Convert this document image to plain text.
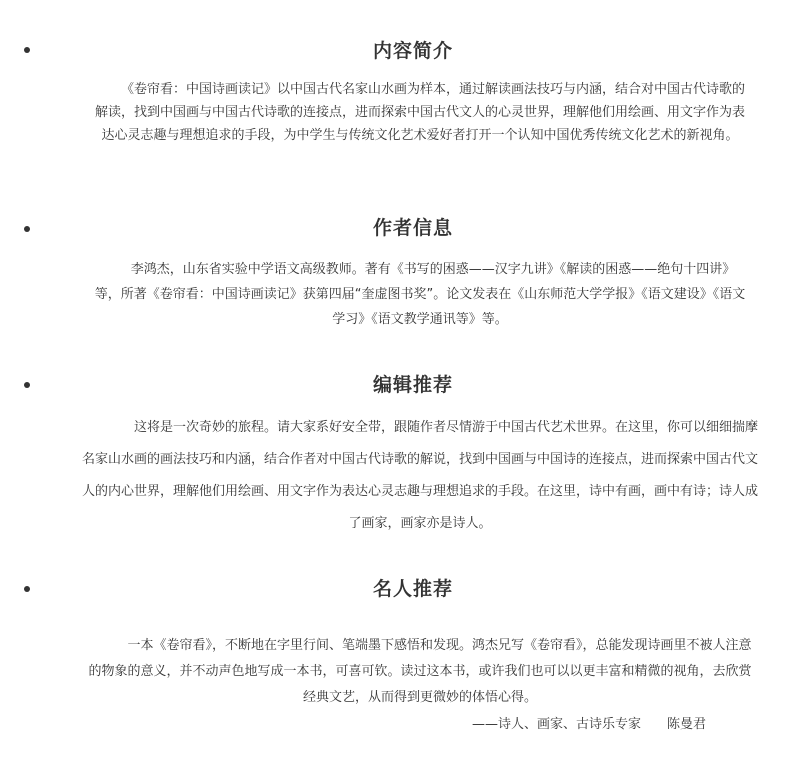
内容简介

《卷帘看：中国诗画读记》以中国古代名家山水画为样本，通过解读画法技巧与内涵，结合对中国古代诗歌的解读，找到中国画与中国古代诗歌的连接点，进而探索中国古代文人的心灵世界，理解他们用绘画、用文字作为表达心灵志趣与理想追求的手段，为中学生与传统文化艺术爱好者打开一个认知中国优秀传统文化艺术的新视角。

作者信息

李鸿杰，山东省实验中学语文高级教师。著有《书写的困惑——汉字九讲》《解读的困惑——绝句十四讲》等，所著《卷帘看：中国诗画读记》获第四届“奎虚图书奖”。论文发表在《山东师范大学学报》《语文建设》《语文学习》《语文教学通讯等》等。

编辑推荐

这将是一次奇妙的旅程。请大家系好安全带，跟随作者尽情游于中国古代艺术世界。在这里，你可以细细揣摩名家山水画的画法技巧和内涵，结合作者对中国古代诗歌的解说，找到中国画与中国诗的连接点，进而探索中国古代文人的内心世界，理解他们用绘画、用文字作为表达心灵志趣与理想追求的手段。在这里，诗中有画，画中有诗；诗人成了画家，画家亦是诗人。

名人推荐

一本《卷帘看》，不断地在字里行间、笔端墨下感悟和发现。鸿杰兄写《卷帘看》，总能发现诗画里不被人注意的物象的意义，并不动声色地写成一本书，可喜可钦。读过这本书，或许我们也可以以更丰富和精微的视角，去欣赏经典文艺，从而得到更微妙的体悟心得。

——诗人、画家、古诗乐专家　　陈曼君
